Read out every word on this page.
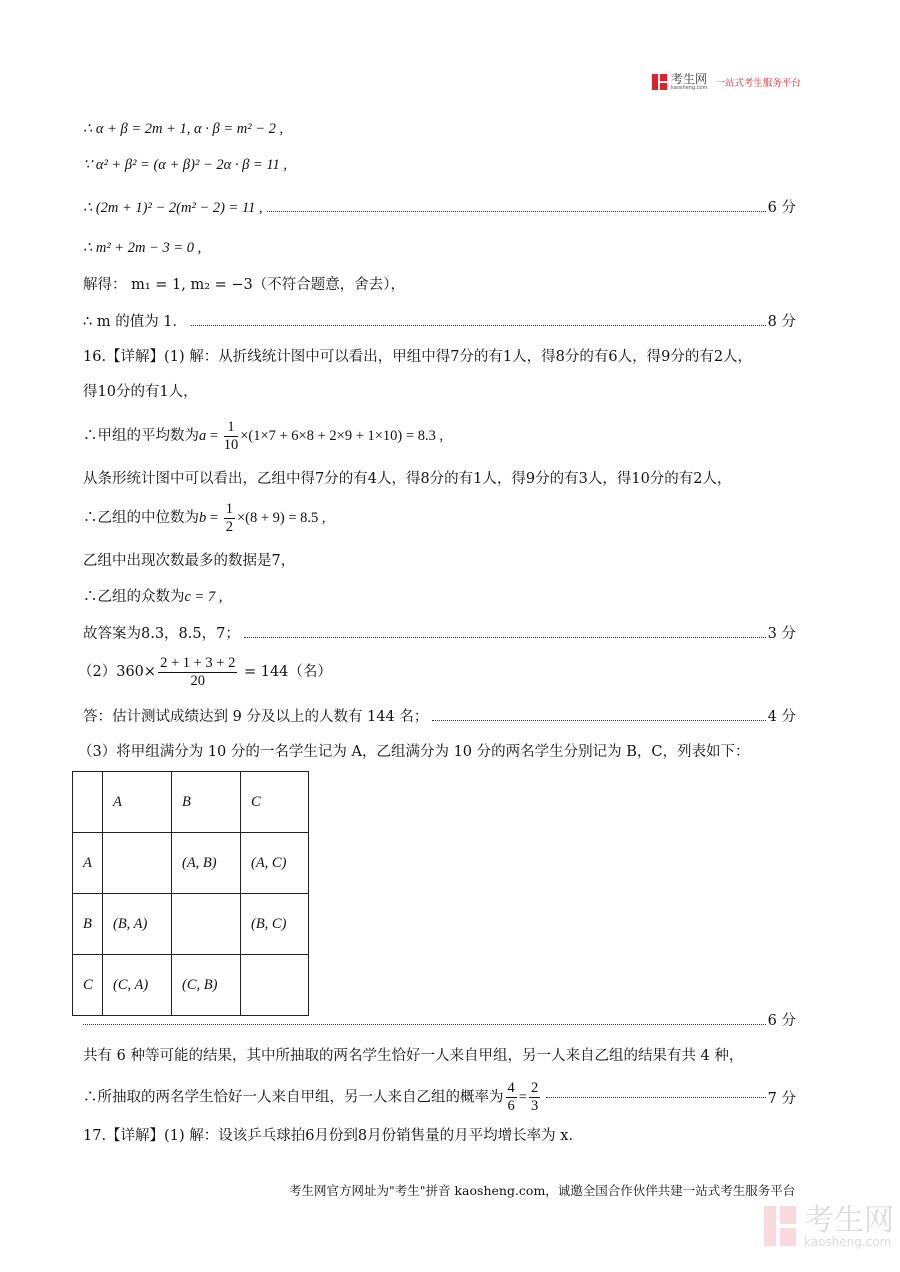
考生网
kaosheng.com 一站式考生服务平台
∴ α + β = 2m + 1, α · β = m² − 2 ,
∵ α² + β² = (α + β)² − 2α · β = 11 ,
∴ (2m + 1)² − 2(m² − 2) = 11 ,	6 分
∴ m² + 2m − 3 = 0 ,
解得： m₁ = 1, m₂ = −3（不符合题意，舍去），
∴ m 的值为 1．	8 分
16.【详解】(1) 解：从折线统计图中可以看出，甲组中得7分的有1人，得8分的有6人，得9分的有2人，
得10分的有1人，
∴甲组的平均数为$a = \frac{1}{10} \times(1\times 7 + 6\times 8 + 2\times 9 + 1\times 10) = 8.3$ ,
从条形统计图中可以看出，乙组中得7分的有4人，得8分的有1人，得9分的有3人，得10分的有2人，
∴乙组的中位数为$b = \frac{1}{2} \times(8 + 9) = 8.5$ ,
乙组中出现次数最多的数据是7，
∴乙组的众数为c = 7 ,
故答案为8.3，8.5，7；	3 分
$(2)360\times \frac{2 + 1 + 3 + 2}{20} = 144$（名）
答：估计测试成绩达到 9 分及以上的人数有 144 名；	4 分
（3）将甲组满分为 10 分的一名学生记为 A，乙组满分为 10 分的两名学生分别记为 B，C，列表如下：
	A	B	C
A		(A, B)	(A, C)
B	(B, A)		(B, C)
C	(C, A)	(C, B)	
6 分
共有 6 种等可能的结果，其中所抽取的两名学生恰好一人来自甲组，另一人来自乙组的结果有共 4 种，
∴所抽取的两名学生恰好一人来自甲组，另一人来自乙组的概率为 $\frac{4}{6} = \frac{2}{3}$	7 分
17.【详解】(1) 解：设该乒乓球拍6月份到8月份销售量的月平均增长率为 x．
考生网官方网址为"考生"拼音 kaosheng.com，诚邀全国合作伙伴共建一站式考生服务平台
考生网
kaosheng.com
